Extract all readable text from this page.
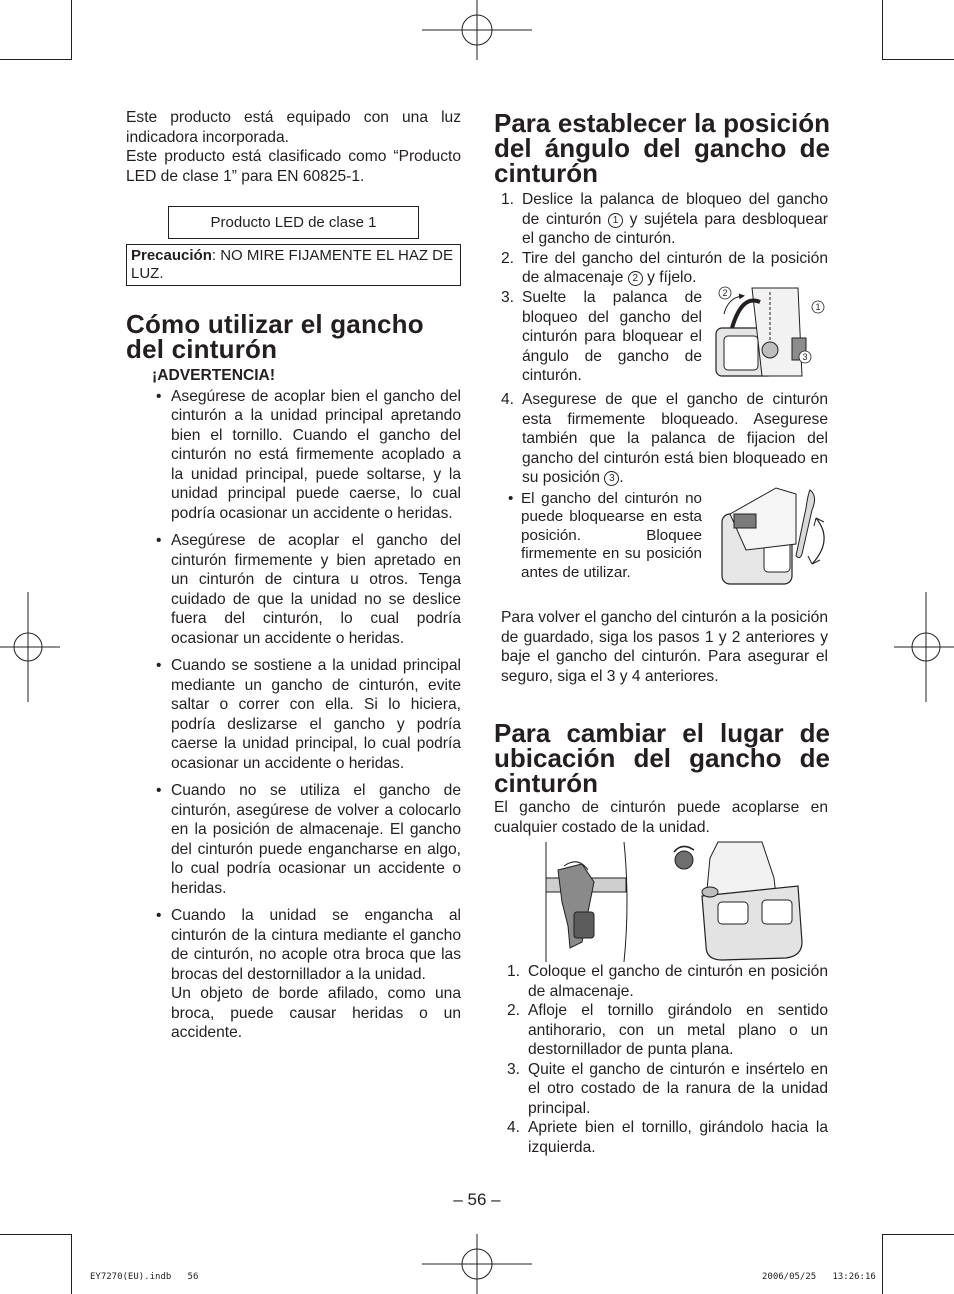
Este producto está equipado con una luz indicadora incorporada.

Este producto está clasificado como “Producto LED de clase 1” para EN 60825-1.

Producto LED de clase 1
Precaución: NO MIRE FIJAMENTE EL HAZ DE LUZ.
Cómo utilizar el gancho del cinturón

¡ADVERTENCIA!

• Asegúrese de acoplar bien el gancho del cinturón a la unidad principal apretando bien el tornillo. Cuando el gancho del cinturón no está firmemente acoplado a la unidad principal, puede soltarse, y la unidad principal puede caerse, lo cual podría ocasionar un accidente o heridas.
• Asegúrese de acoplar el gancho del cinturón firmemente y bien apretado en un cinturón de cintura u otros. Tenga cuidado de que la unidad no se deslice fuera del cinturón, lo cual podría ocasionar un accidente o heridas.
• Cuando se sostiene a la unidad principal mediante un gancho de cinturón, evite saltar o correr con ella. Si lo hiciera, podría deslizarse el gancho y podría caerse la unidad principal, lo cual podría ocasionar un accidente o heridas.
• Cuando no se utiliza el gancho de cinturón, asegúrese de volver a colocarlo en la posición de almacenaje. El gancho del cinturón puede engancharse en algo, lo cual podría ocasionar un accidente o heridas.
• Cuando la unidad se engancha al cinturón de la cintura mediante el gancho de cinturón, no acople otra broca que las brocas del destornillador a la unidad.

Un objeto de borde afilado, como una broca, puede causar heridas o un accidente.

Para establecer la posición del ángulo del gancho de cinturón
1. Deslice la palanca de bloqueo del gancho de cinturón 1 y sujétela para desbloquear el gancho de cinturón.
2. Tire del gancho del cinturón de la posición de almacenaje 2 y fíjelo.
3. Suelte la palanca de bloqueo del gancho del cinturón para bloquear el ángulo de gancho de cinturón.
2
1
3
4. Asegurese de que el gancho de cinturón esta firmemente bloqueado. Asegurese también que la palanca de fijacion del gancho del cinturón está bien bloqueado en su posición 3 .

• El gancho del cinturón no puede bloquearse en esta posición. Bloquee firmemente en su posición antes de utilizar.

Para volver el gancho del cinturón a la posición de guardado, siga los pasos 1 y 2 anteriores y baje el gancho del cinturón. Para asegurar el seguro, siga el 3 y 4 anteriores.

Para cambiar el lugar de ubicación del gancho de cinturón

El gancho de cinturón puede acoplarse en cualquier costado de la unidad.

1. Coloque el gancho de cinturón en posición de almacenaje.
2. Afloje el tornillo girándolo en sentido antihorario, con un metal plano o un destornillador de punta plana.
3. Quite el gancho de cinturón e insértelo en el otro costado de la ranura de la unidad principal.
4. Apriete bien el tornillo, girándolo hacia la izquierda.
– 56 –
EY7270(EU).indb   56	2006/05/25   13:26:16
